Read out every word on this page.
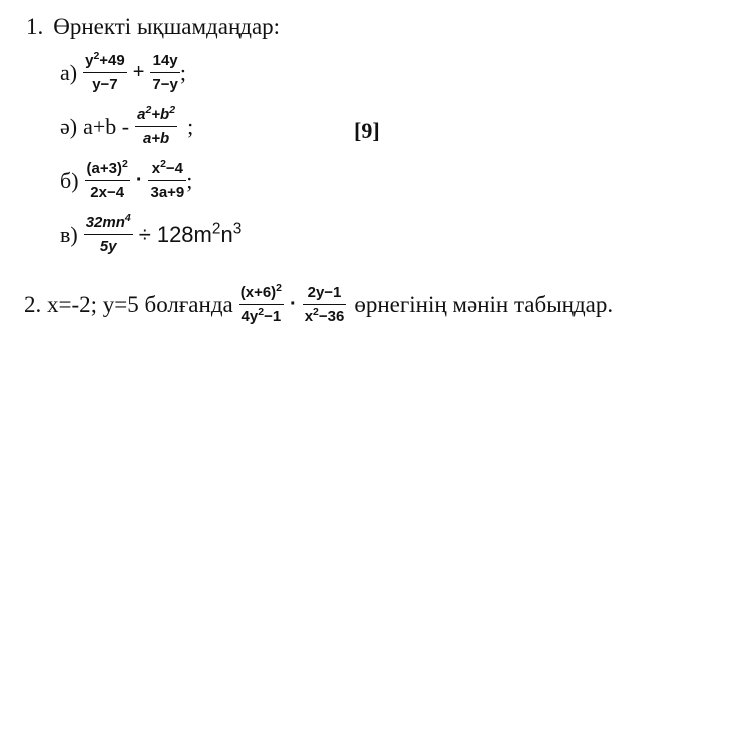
1. Өрнекті ықшамдаңдар:
$а) \frac{y^2+49}{y-7} + \frac{14y}{7-y}$ ;
ә) $a+b - \frac{a^2+b^2}{a+b}$ ;	[9]
$б) \frac{(a+3)^2}{2x-4} \cdot \frac{x^2-4}{3a+9}$ ;
$в) \frac{32mn^4}{5y} \div 128m^2n^3$
2. x=-2; y=5 болғанда $\frac{(x+6)^2}{4y^2-1} \cdot \frac{2y-1}{x^2-36}$ өрнегінің мәнін табыңдар.
